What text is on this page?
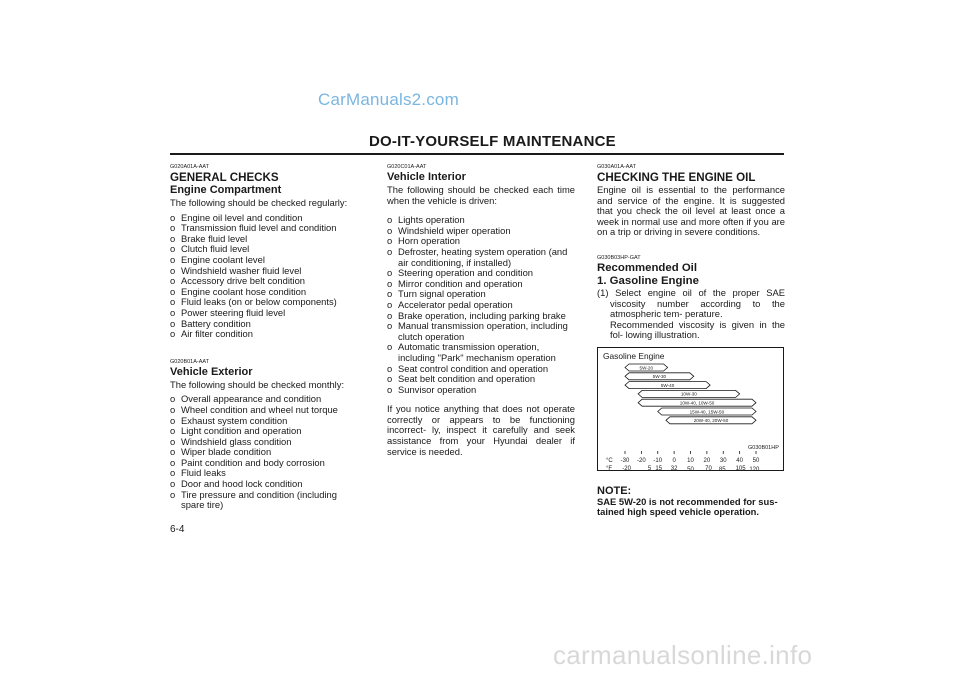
CarManuals2.com
DO-IT-YOURSELF MAINTENANCE
G020A01A-AAT
GENERAL CHECKS
Engine Compartment
The following should be checked regularly:
o Engine oil level and condition
o Transmission fluid level and condition
o Brake fluid level
o Clutch fluid level
o Engine coolant level
o Windshield washer fluid level
o Accessory drive belt condition
o Engine coolant hose condition
o Fluid leaks (on or below components)
o Power steering fluid level
o Battery condition
o Air filter condition
G020B01A-AAT
Vehicle Exterior
The following should be checked monthly:
o Overall appearance and condition
o Wheel condition and wheel nut torque
o Exhaust system condition
o Light condition and operation
o Windshield glass condition
o Wiper blade condition
o Paint condition and body corrosion
o Fluid leaks
o Door and hood lock condition
o Tire pressure and condition (including spare tire)
6-4
G020C01A-AAT
Vehicle Interior
The following should be checked each time when the vehicle is driven:
o Lights operation
o Windshield wiper operation
o Horn operation
o Defroster, heating system operation (and air conditioning, if installed)
o Steering operation and condition
o Mirror condition and operation
o Turn signal operation
o Accelerator pedal operation
o Brake operation, including parking brake
o Manual transmission operation, including clutch operation
o Automatic transmission operation, including "Park" mechanism operation
o Seat control condition and operation
o Seat belt condition and operation
o Sunvisor operation
If you notice anything that does not operate correctly or appears to be functioning incorrect- ly, inspect it carefully and seek assistance from your Hyundai dealer if service is needed.
G030A01A-AAT
CHECKING THE ENGINE OIL
Engine oil is essential to the performance and service of the engine. It is suggested that you check the oil level at least once a week in normal use and more often if you are on a trip or driving in severe conditions.
G030B03HP-GAT
Recommended Oil
1. Gasoline Engine
(1) Select engine oil of the proper SAE viscosity number according to the atmospheric tem- perature.
Recommended viscosity is given in the fol- lowing illustration.
Gasoline Engine
G030B01HP
°C
°F
5W-20
5W-30
5W-40
10W-30
10W-40, 10W-50
15W-40, 15W-50
20W-40, 20W-50
-30 -20 -10 0 10 20 30 40 50
-20	5 15 32 50 70 85 105 120
NOTE:
SAE 5W-20 is not recommended for sus- tained high speed vehicle operation.
carmanualsonline.info
